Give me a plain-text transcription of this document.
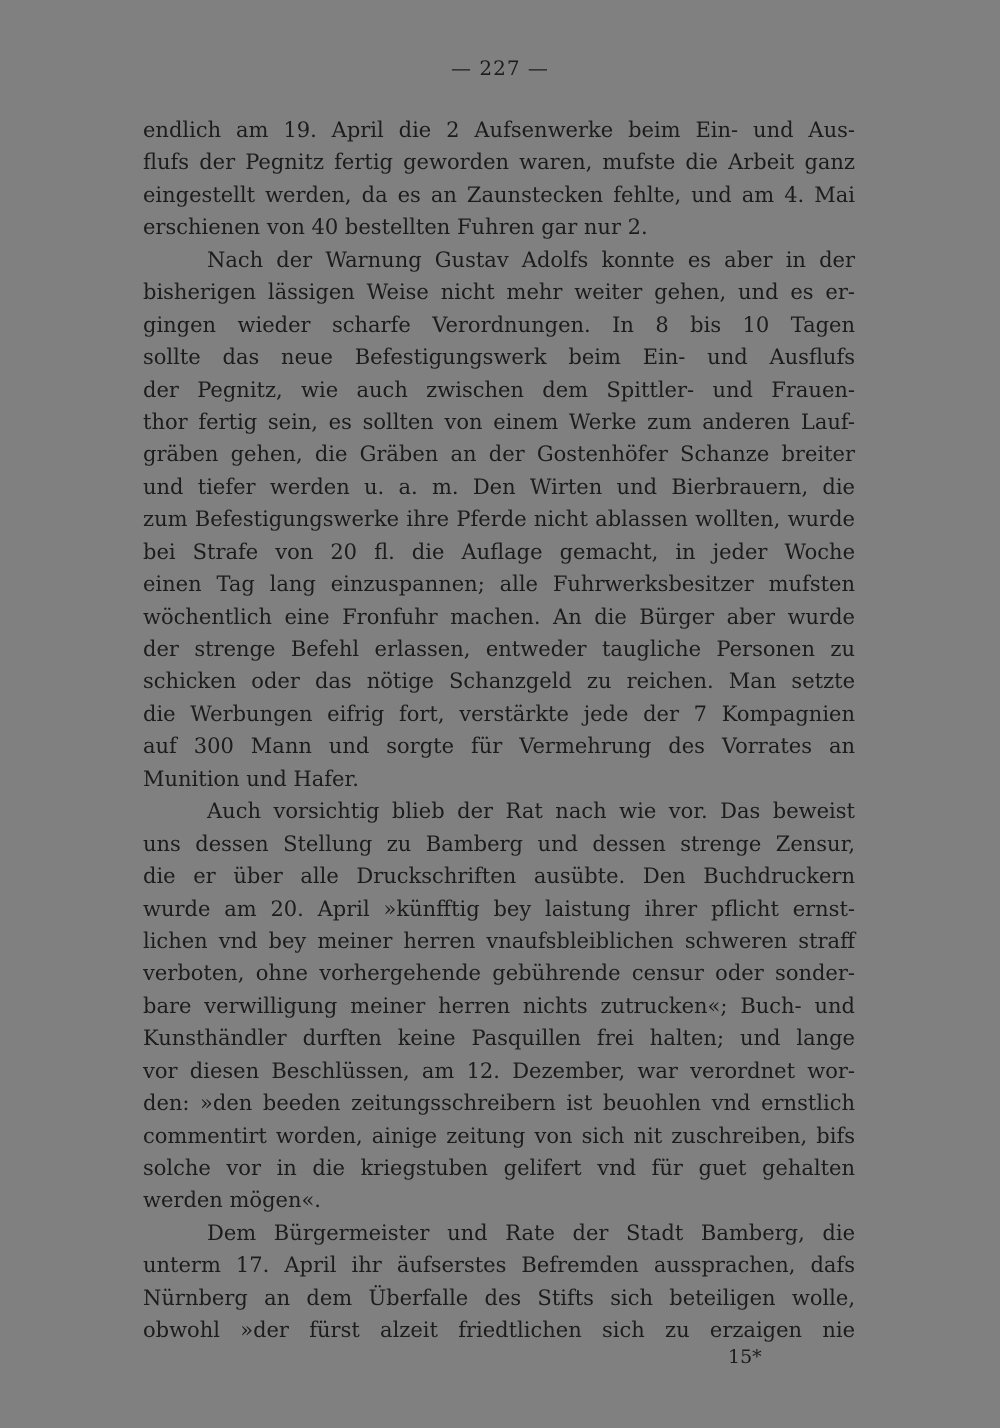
— 227 —
endlich am 19. April die 2 Aufsenwerke beim Ein- und Aus-
flufs der Pegnitz fertig geworden waren, mufste die Arbeit ganz
eingestellt werden, da es an Zaunstecken fehlte, und am 4. Mai
erschienen von 40 bestellten Fuhren gar nur 2.
Nach der Warnung Gustav Adolfs konnte es aber in der
bisherigen lässigen Weise nicht mehr weiter gehen, und es er-
gingen wieder scharfe Verordnungen. In 8 bis 10 Tagen
sollte das neue Befestigungswerk beim Ein- und Ausflufs
der Pegnitz, wie auch zwischen dem Spittler- und Frauen-
thor fertig sein, es sollten von einem Werke zum anderen Lauf-
gräben gehen, die Gräben an der Gostenhöfer Schanze breiter
und tiefer werden u. a. m. Den Wirten und Bierbrauern, die
zum Befestigungswerke ihre Pferde nicht ablassen wollten, wurde
bei Strafe von 20 fl. die Auflage gemacht, in jeder Woche
einen Tag lang einzuspannen; alle Fuhrwerksbesitzer mufsten
wöchentlich eine Fronfuhr machen. An die Bürger aber wurde
der strenge Befehl erlassen, entweder taugliche Personen zu
schicken oder das nötige Schanzgeld zu reichen. Man setzte
die Werbungen eifrig fort, verstärkte jede der 7 Kompagnien
auf 300 Mann und sorgte für Vermehrung des Vorrates an
Munition und Hafer.
Auch vorsichtig blieb der Rat nach wie vor. Das beweist
uns dessen Stellung zu Bamberg und dessen strenge Zensur,
die er über alle Druckschriften ausübte. Den Buchdruckern
wurde am 20. April »künfftig bey laistung ihrer pflicht ernst-
lichen vnd bey meiner herren vnaufsbleiblichen schweren straff
verboten, ohne vorhergehende gebührende censur oder sonder-
bare verwilligung meiner herren nichts zutrucken«; Buch- und
Kunsthändler durften keine Pasquillen frei halten; und lange
vor diesen Beschlüssen, am 12. Dezember, war verordnet wor-
den: »den beeden zeitungsschreibern ist beuohlen vnd ernstlich
commentirt worden, ainige zeitung von sich nit zuschreiben, bifs
solche vor in die kriegstuben gelifert vnd für guet gehalten
werden mögen«.
Dem Bürgermeister und Rate der Stadt Bamberg, die
unterm 17. April ihr äufserstes Befremden aussprachen, dafs
Nürnberg an dem Überfalle des Stifts sich beteiligen wolle,
obwohl »der fürst alzeit friedtlichen sich zu erzaigen nie
15*
